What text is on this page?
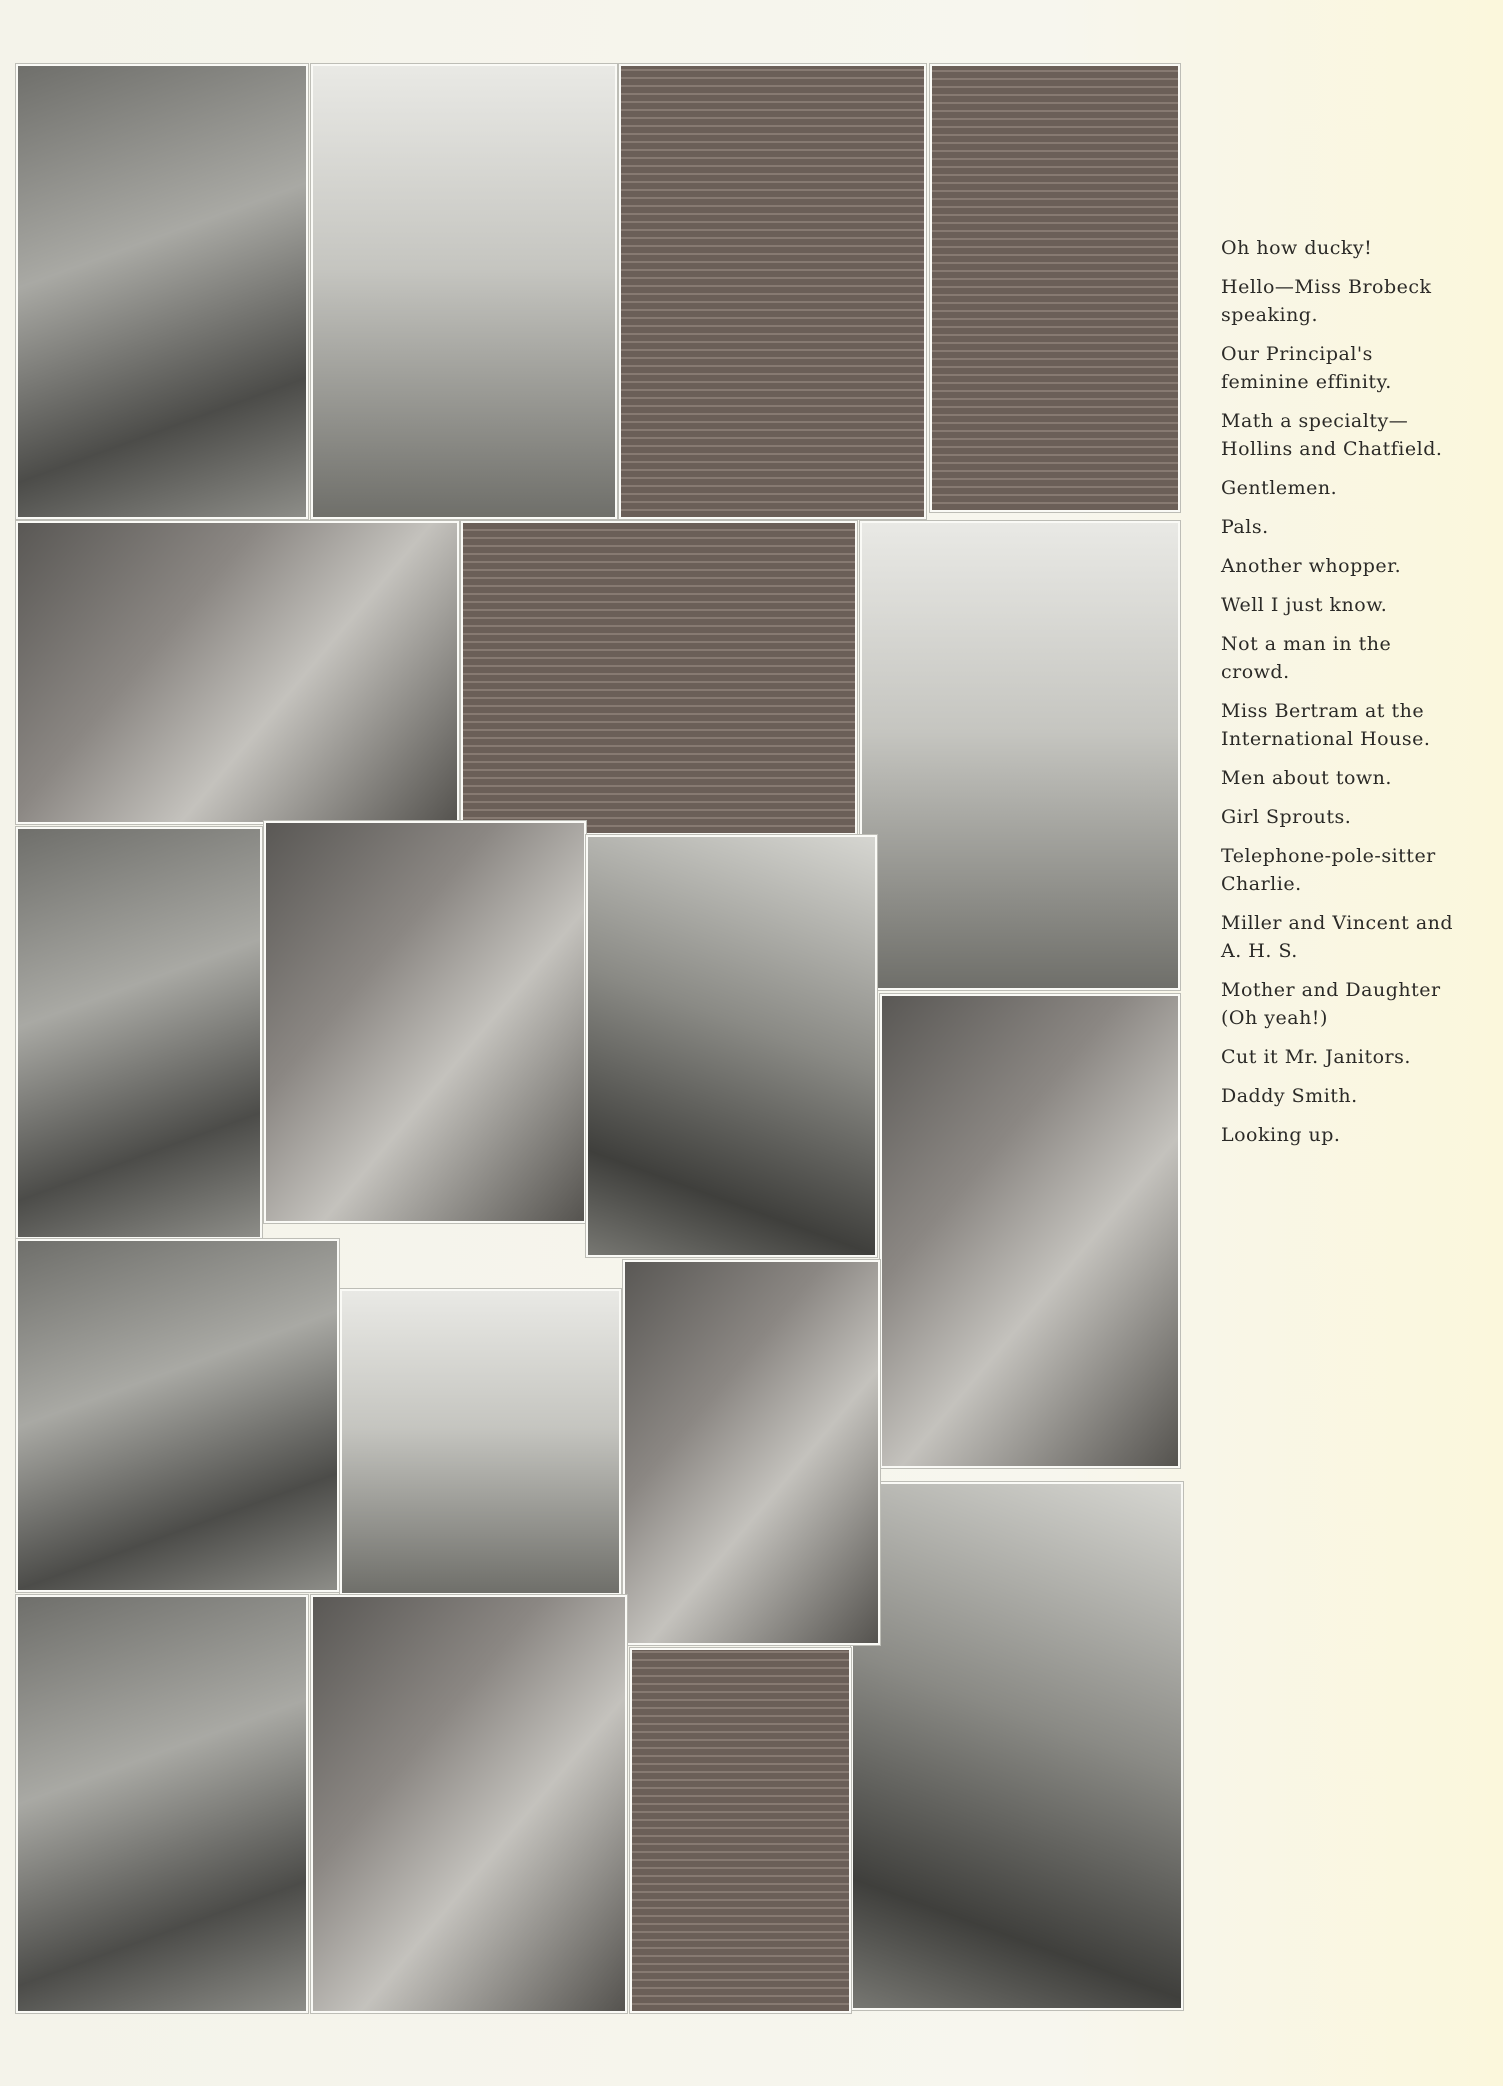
Oh how ducky!

Hello—Miss Brobeck speaking.

Our Principal's feminine effinity.

Math a specialty— Hollins and Chatfield.

Gentlemen.

Pals.

Another whopper.

Well I just know.

Not a man in the crowd.

Miss Bertram at the International House.

Men about town.

Girl Sprouts.

Telephone-pole-sitter Charlie.

Miller and Vincent and A. H. S.

Mother and Daughter (Oh yeah!)

Cut it Mr. Janitors.

Daddy Smith.

Looking up.
